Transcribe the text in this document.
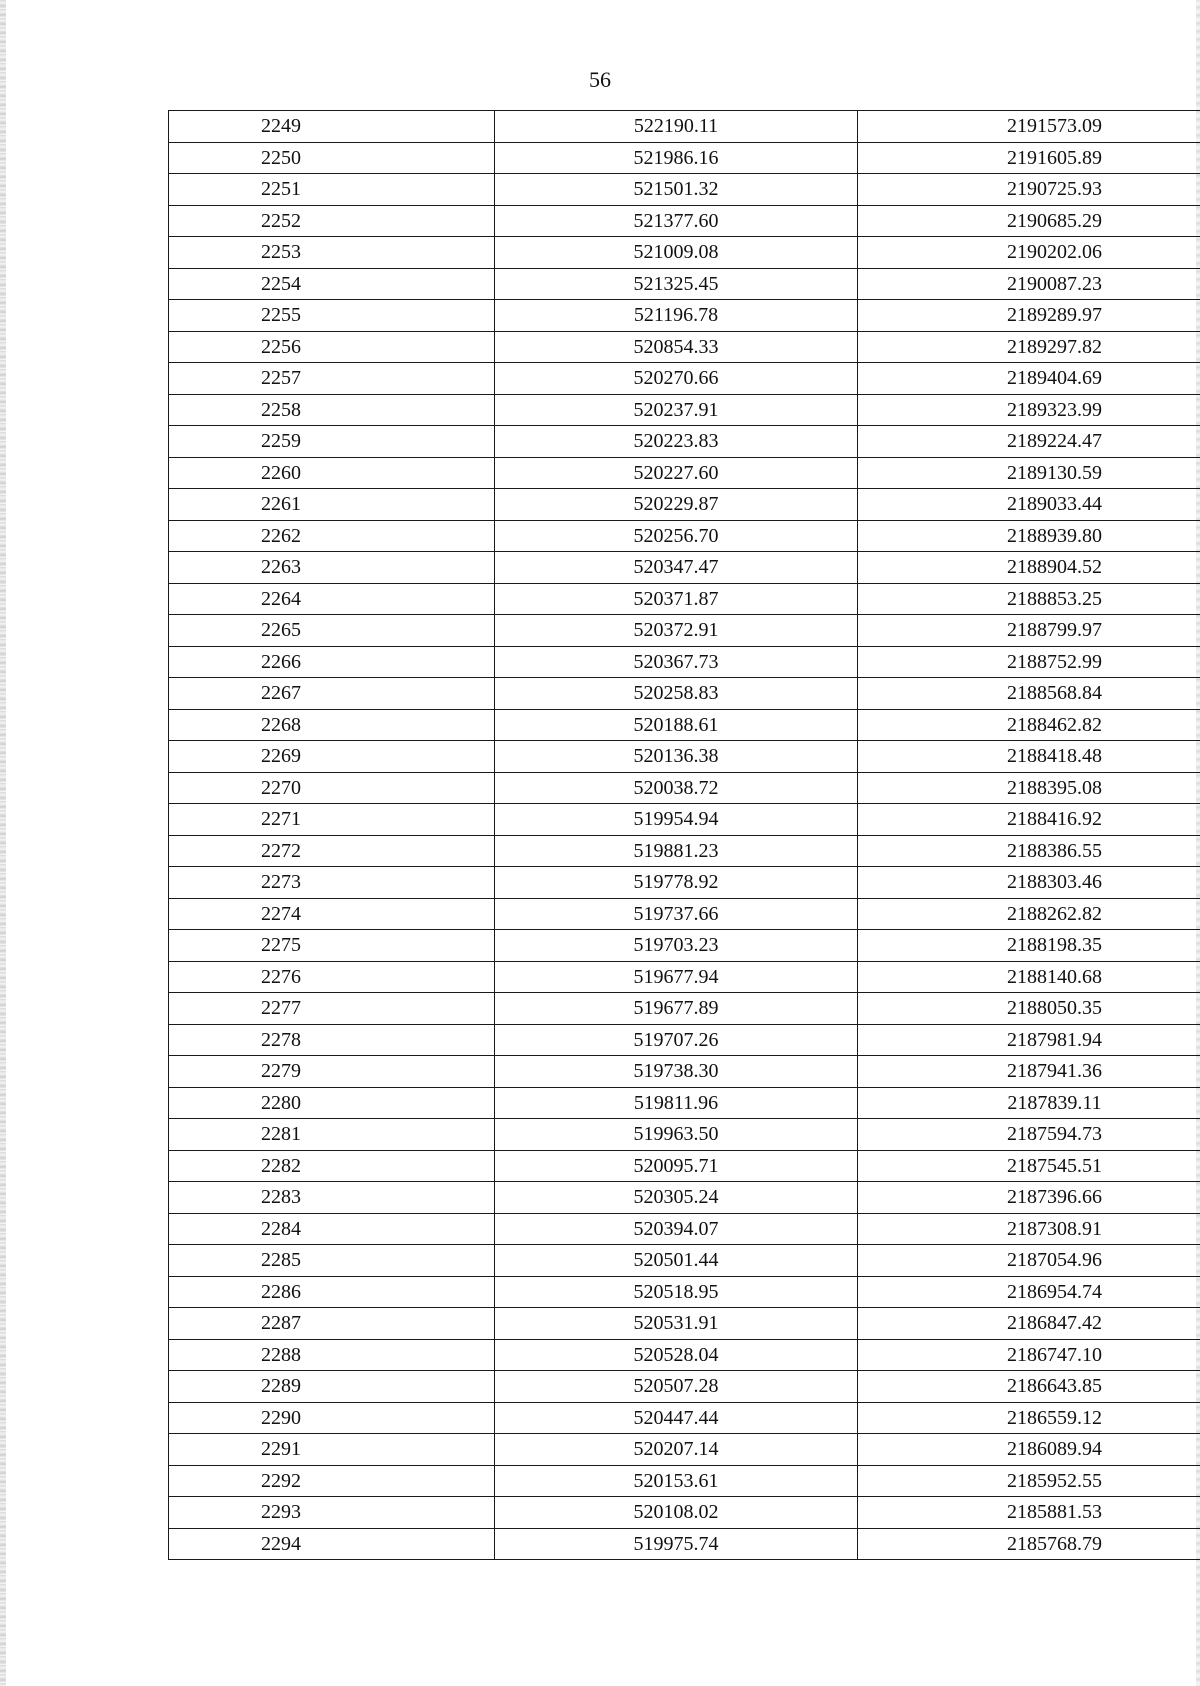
56
2249	522190.11	2191573.09
2250	521986.16	2191605.89
2251	521501.32	2190725.93
2252	521377.60	2190685.29
2253	521009.08	2190202.06
2254	521325.45	2190087.23
2255	521196.78	2189289.97
2256	520854.33	2189297.82
2257	520270.66	2189404.69
2258	520237.91	2189323.99
2259	520223.83	2189224.47
2260	520227.60	2189130.59
2261	520229.87	2189033.44
2262	520256.70	2188939.80
2263	520347.47	2188904.52
2264	520371.87	2188853.25
2265	520372.91	2188799.97
2266	520367.73	2188752.99
2267	520258.83	2188568.84
2268	520188.61	2188462.82
2269	520136.38	2188418.48
2270	520038.72	2188395.08
2271	519954.94	2188416.92
2272	519881.23	2188386.55
2273	519778.92	2188303.46
2274	519737.66	2188262.82
2275	519703.23	2188198.35
2276	519677.94	2188140.68
2277	519677.89	2188050.35
2278	519707.26	2187981.94
2279	519738.30	2187941.36
2280	519811.96	2187839.11
2281	519963.50	2187594.73
2282	520095.71	2187545.51
2283	520305.24	2187396.66
2284	520394.07	2187308.91
2285	520501.44	2187054.96
2286	520518.95	2186954.74
2287	520531.91	2186847.42
2288	520528.04	2186747.10
2289	520507.28	2186643.85
2290	520447.44	2186559.12
2291	520207.14	2186089.94
2292	520153.61	2185952.55
2293	520108.02	2185881.53
2294	519975.74	2185768.79
